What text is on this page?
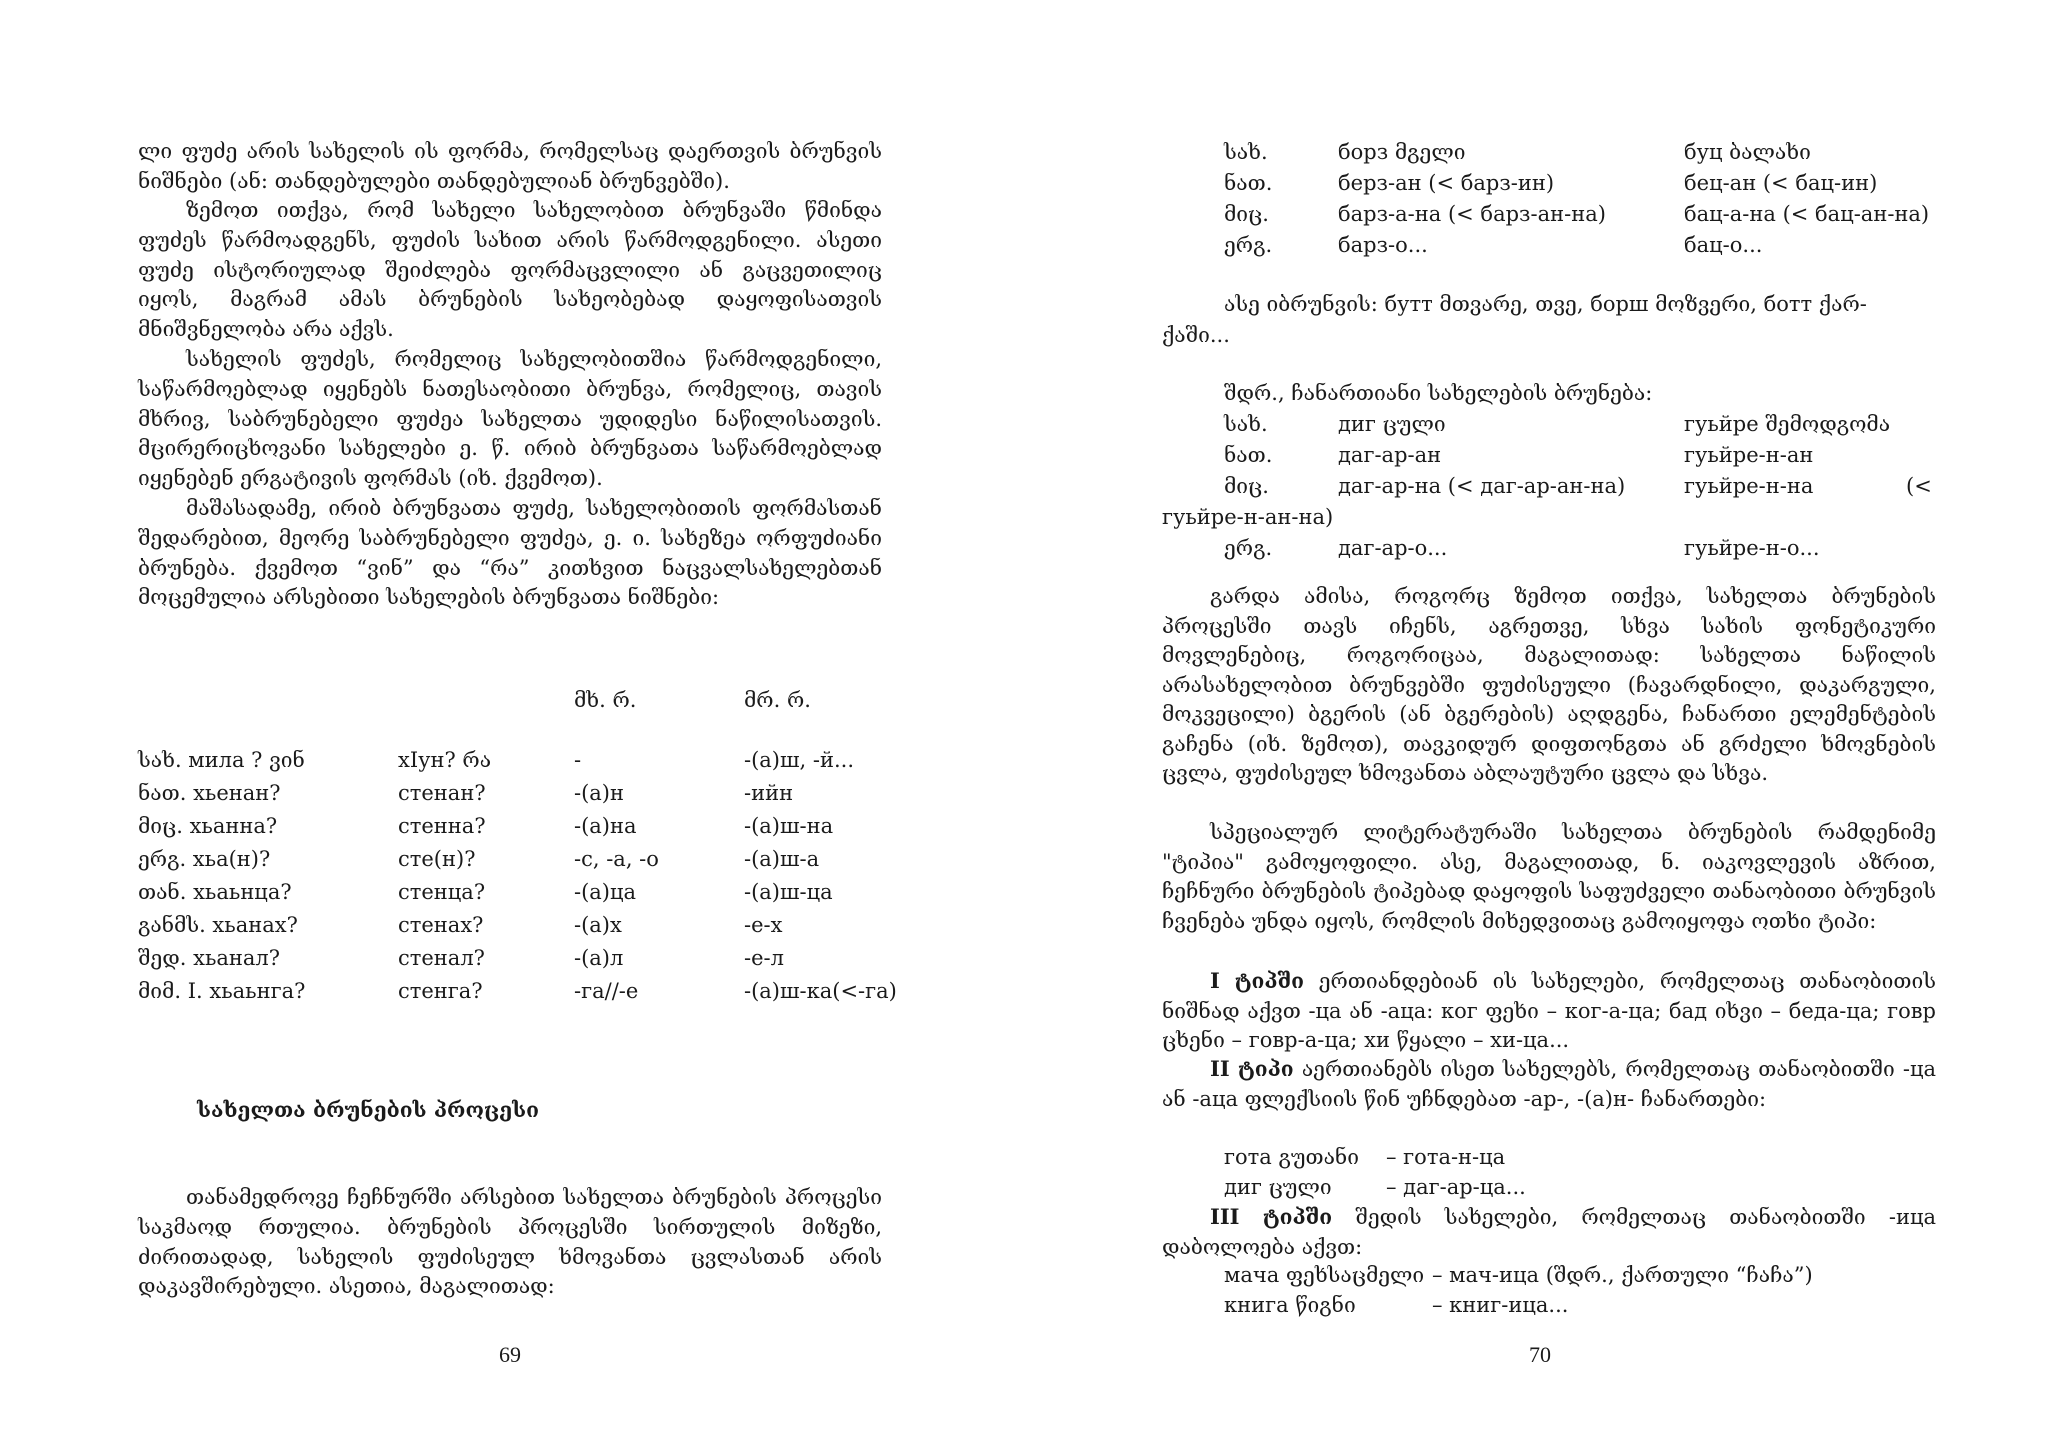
ლი ფუძე არის სახელის ის ფორმა, რომელსაც დაერთვის ბრუნვის ნიშნები (ან: თანდებულები თანდებულიან ბრუნვებში).

ზემოთ ითქვა, რომ სახელი სახელობით ბრუნვაში წმინდა ფუძეს წარმოადგენს, ფუძის სახით არის წარმოდგენილი. ასეთი ფუძე ისტორიულად შეიძლება ფორმაცვლილი ან გაცვეთილიც იყოს, მაგრამ ამას ბრუნების სახეობებად დაყოფისათვის მნიშვნელობა არა აქვს.

სახელის ფუძეს, რომელიც სახელობითშია წარმოდგენილი, საწარმოებლად იყენებს ნათესაობითი ბრუნვა, რომელიც, თავის მხრივ, საბრუნებელი ფუძეა სახელთა უდიდესი ნაწილისათვის. მცირერიცხოვანი სახელები ე. წ. ირიბ ბრუნვათა საწარმოებლად იყენებენ ერგატივის ფორმას (იხ. ქვემოთ).

მაშასადამე, ირიბ ბრუნვათა ფუძე, სახელობითის ფორმასთან შედარებით, მეორე საბრუნებელი ფუძეა, ე. ი. სახეზეა ორფუძიანი ბრუნება. ქვემოთ “ვინ” და “რა” კითხვით ნაცვალსახელებთან მოცემულია არსებითი სახელების ბრუნვათა ნიშნები:

მხ. რ.	მრ. რ.
სახ. мила ? ვინ	хIун? რა	-	-(а)ш, -й...
ნათ. хьенан?	стенан?	-(а)н	-ийн
მიც. хьанна?	стенна?	-(а)на	-(а)ш-на
ერგ. хьа(н)?	сте(н)?	-с, -а, -о	-(а)ш-а
თან. хьаьнца?	стенца?	-(а)ца	-(а)ш-ца
განმს. хьанах?	стенах?	-(а)х	-е-х
შედ. хьанал?	стенал?	-(а)л	-е-л
მიმ. I. хьаьнга?	стенга?	-га//-е	-(а)ш-ка(<-га)
სახელთა ბრუნების პროცესი

თანამედროვე ჩეჩნურში არსებით სახელთა ბრუნების პროცესი საკმაოდ რთულია. ბრუნების პროცესში სირთულის მიზეზი, ძირითადად, სახელის ფუძისეულ ხმოვანთა ცვლასთან არის დაკავშირებული. ასეთია, მაგალითად:

69
სახ.	борз მგელი	буц ბალახი
ნათ.	берз-ан (< барз-ин)	бец-ан (< бац-ин)
მიც.	барз-а-на (< барз-ан-на)	бац-а-на (< бац-ан-на)
ერგ.	барз-о...	бац-о...
ასე იბრუნვის: бутт მთვარე, თვე, борш მოზვერი, ботт ქარ-
ქაში...
შდრ., ჩანართიანი სახელების ბრუნება:
სახ.	диг ცული	гуьйре შემოდგომა
ნათ.	даг-ар-ан	гуьйре-н-ан
მიც.	даг-ар-на (< даг-ар-ан-на)	гуьйре-н-на	(<
гуьйре-н-ан-на)
ერგ.	даг-ар-о...	гуьйре-н-о...

გარდა ამისა, როგორც ზემოთ ითქვა, სახელთა ბრუნების პროცესში თავს იჩენს, აგრეთვე, სხვა სახის ფონეტიკური მოვლენებიც, როგორიცაა, მაგალითად: სახელთა ნაწილის არასახელობით ბრუნვებში ფუძისეული (ჩავარდნილი, დაკარგული, მოკვეცილი) ბგერის (ან ბგერების) აღდგენა, ჩანართი ელემენტების გაჩენა (იხ. ზემოთ), თავკიდურ დიფთონგთა ან გრძელი ხმოვნების ცვლა, ფუძისეულ ხმოვანთა აბლაუტური ცვლა და სხვა.

სპეციალურ ლიტერატურაში სახელთა ბრუნების რამდენიმე "ტიპია" გამოყოფილი. ასე, მაგალითად, ნ. იაკოვლევის აზრით, ჩეჩნური ბრუნების ტიპებად დაყოფის საფუძველი თანაობითი ბრუნვის ჩვენება უნდა იყოს, რომლის მიხედვითაც გამოიყოფა ოთხი ტიპი:

I ტიპში ერთიანდებიან ის სახელები, რომელთაც თანაობითის ნიშნად აქვთ -ца ან -аца: ког ფეხი – ког-а-ца; бад იხვი – беда-ца; говр ცხენი – говр-а-ца; хи წყალი – хи-ца...

II ტიპი აერთიანებს ისეთ სახელებს, რომელთაც თანაობითში -ца ან -аца ფლექსიის წინ უჩნდებათ -ар-, -(а)н- ჩანართები:

гота გუთანი – гота-н-ца
диг ცული	– даг-ар-ца...

III ტიპში შედის სახელები, რომელთაც თანაობითში -ица დაბოლოება აქვთ:

мача ფეხსაცმელი – мач-ица (შდრ., ქართული “ჩაჩა”)
книга წიგნი	– книг-ица...
70
